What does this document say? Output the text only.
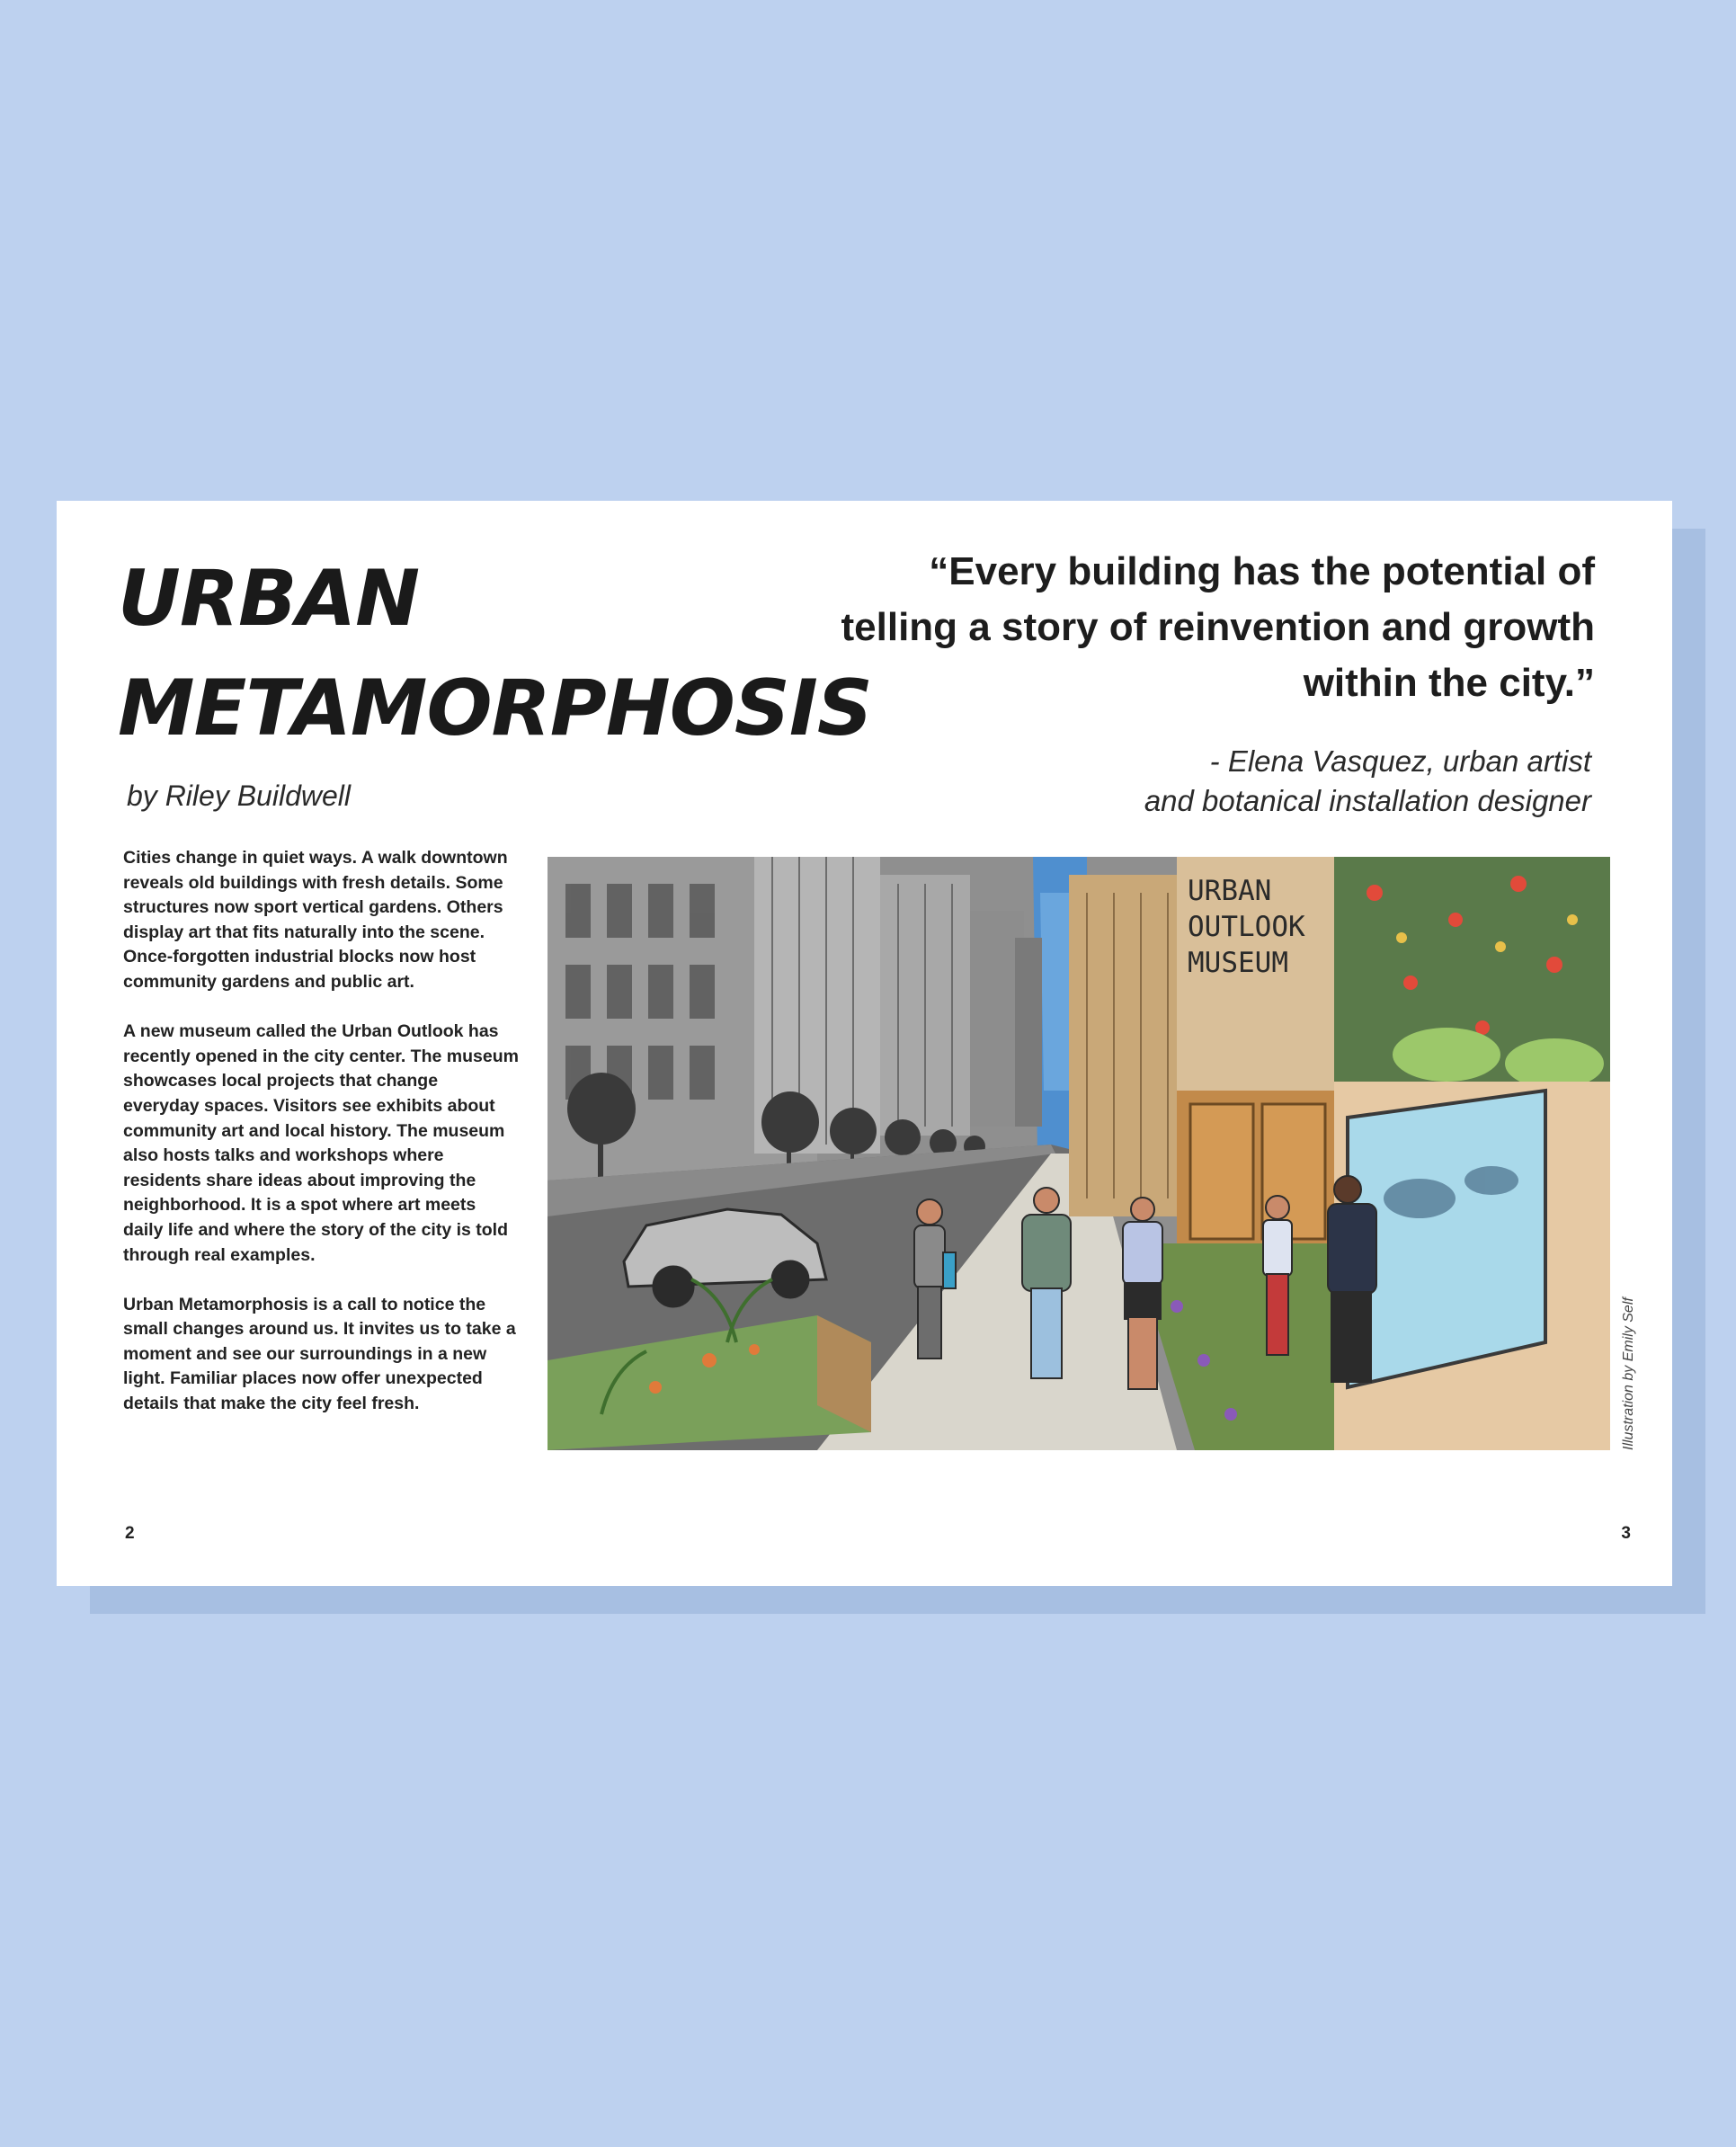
URBAN
METAMORPHOSIS
by Riley Buildwell
“Every building has the potential of telling a story of reinvention and growth within the city.”
- Elena Vasquez, urban artist
and botanical installation designer

Cities change in quiet ways. A walk downtown reveals old buildings with fresh details. Some structures now sport vertical gardens. Others display art that fits naturally into the scene. Once-forgotten industrial blocks now host community gardens and public art.

A new museum called the Urban Outlook has recently opened in the city center. The museum showcases local projects that change everyday spaces. Visitors see exhibits about community art and local history. The museum also hosts talks and workshops where residents share ideas about improving the neighborhood. It is a spot where art meets daily life and where the story of the city is told through real examples.

Urban Metamorphosis is a call to notice the small changes around us. It invites us to take a moment and see our surroundings in a new light. Familiar places now offer unexpected details that make the city feel fresh.

URBAN
OUTLOOK
MUSEUM
Illustration by Emily Self
2	3
